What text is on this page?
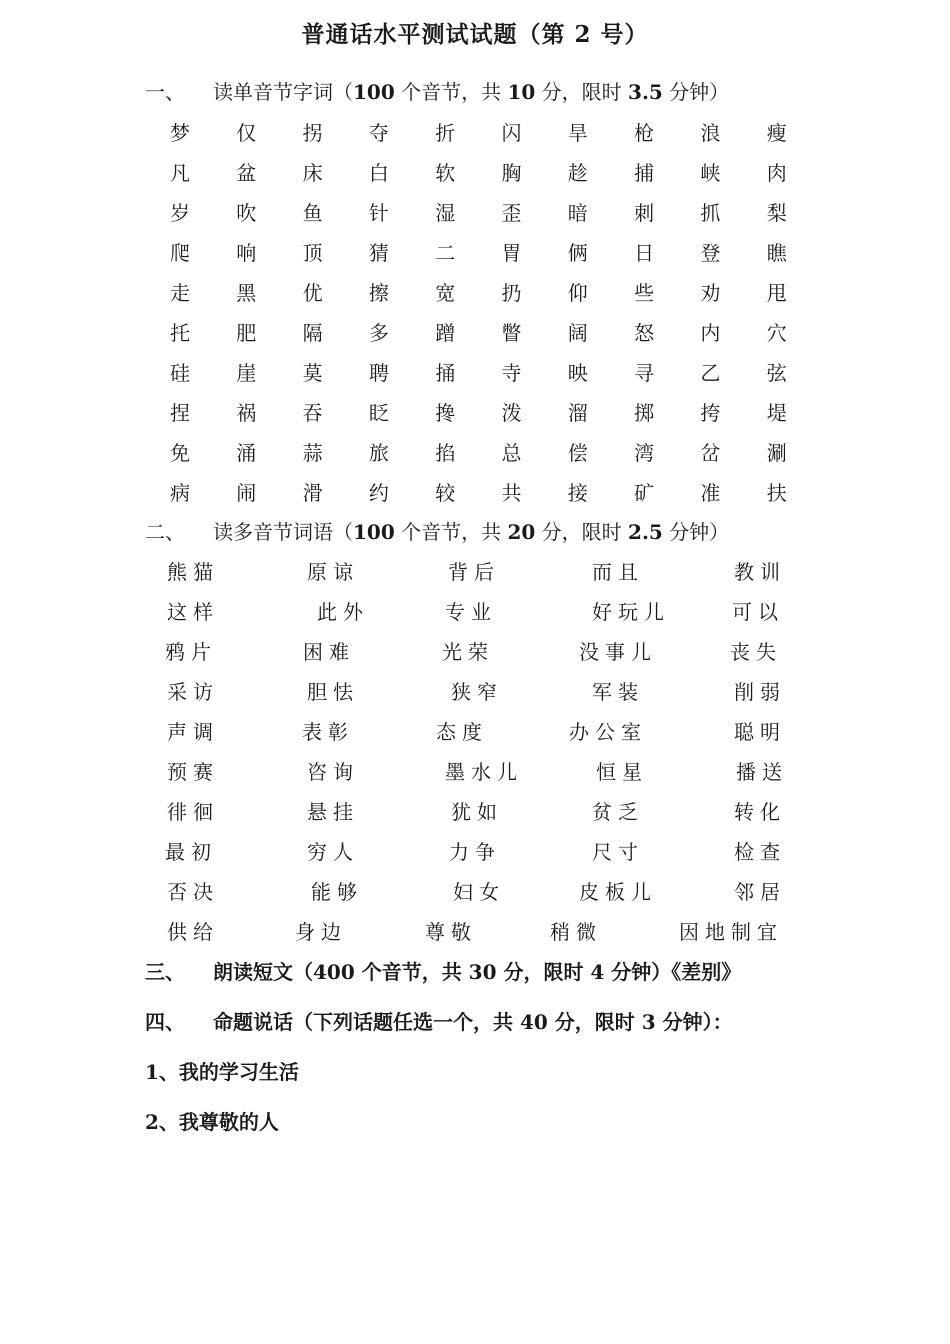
普通话水平测试试题（第 2 号）
一、 读单音节字词（100 个音节，共 10 分，限时 3.5 分钟）
梦 仅 拐 夺 折 闪 旱 枪 浪 瘦
凡 盆 床 白 软 胸 趁 捕 峡 肉
岁 吹 鱼 针 湿 歪 暗 刺 抓 梨
爬 响 顶 猜 二 胃 俩 日 登 瞧
走 黑 优 擦 宽 扔 仰 些 劝 甩
托 肥 隔 多 蹭 瞥 阔 怒 内 穴
硅 崖 莫 聘 捅 寺 映 寻 乙 弦
捏 祸 吞 眨 搀 泼 溜 掷 挎 堤
免 涌 蒜 旅 掐 总 偿 湾 岔 涮
病 闹 滑 约 较 共 接 矿 准 扶
二、 读多音节词语（100 个音节，共 20 分，限时 2.5 分钟）
熊猫	原谅	背后	而且	教训
这样	此外	专业	好玩儿	可以
鸦片	困难	光荣	没事儿	丧失
采访	胆怯	狭窄	军装	削弱
声调	表彰	态度	办公室	聪明
预赛	咨询	墨水儿	恒星	播送
徘徊	悬挂	犹如	贫乏	转化
最初	穷人	力争	尺寸	检查
否决	能够	妇女	皮板儿	邻居
供给	身边	尊敬	稍微	因地制宜
三、 朗读短文（400 个音节，共 30 分，限时 4 分钟）《差别》
四、 命题说话（下列话题任选一个，共 40 分，限时 3 分钟）：
1、我的学习生活
2、我尊敬的人
